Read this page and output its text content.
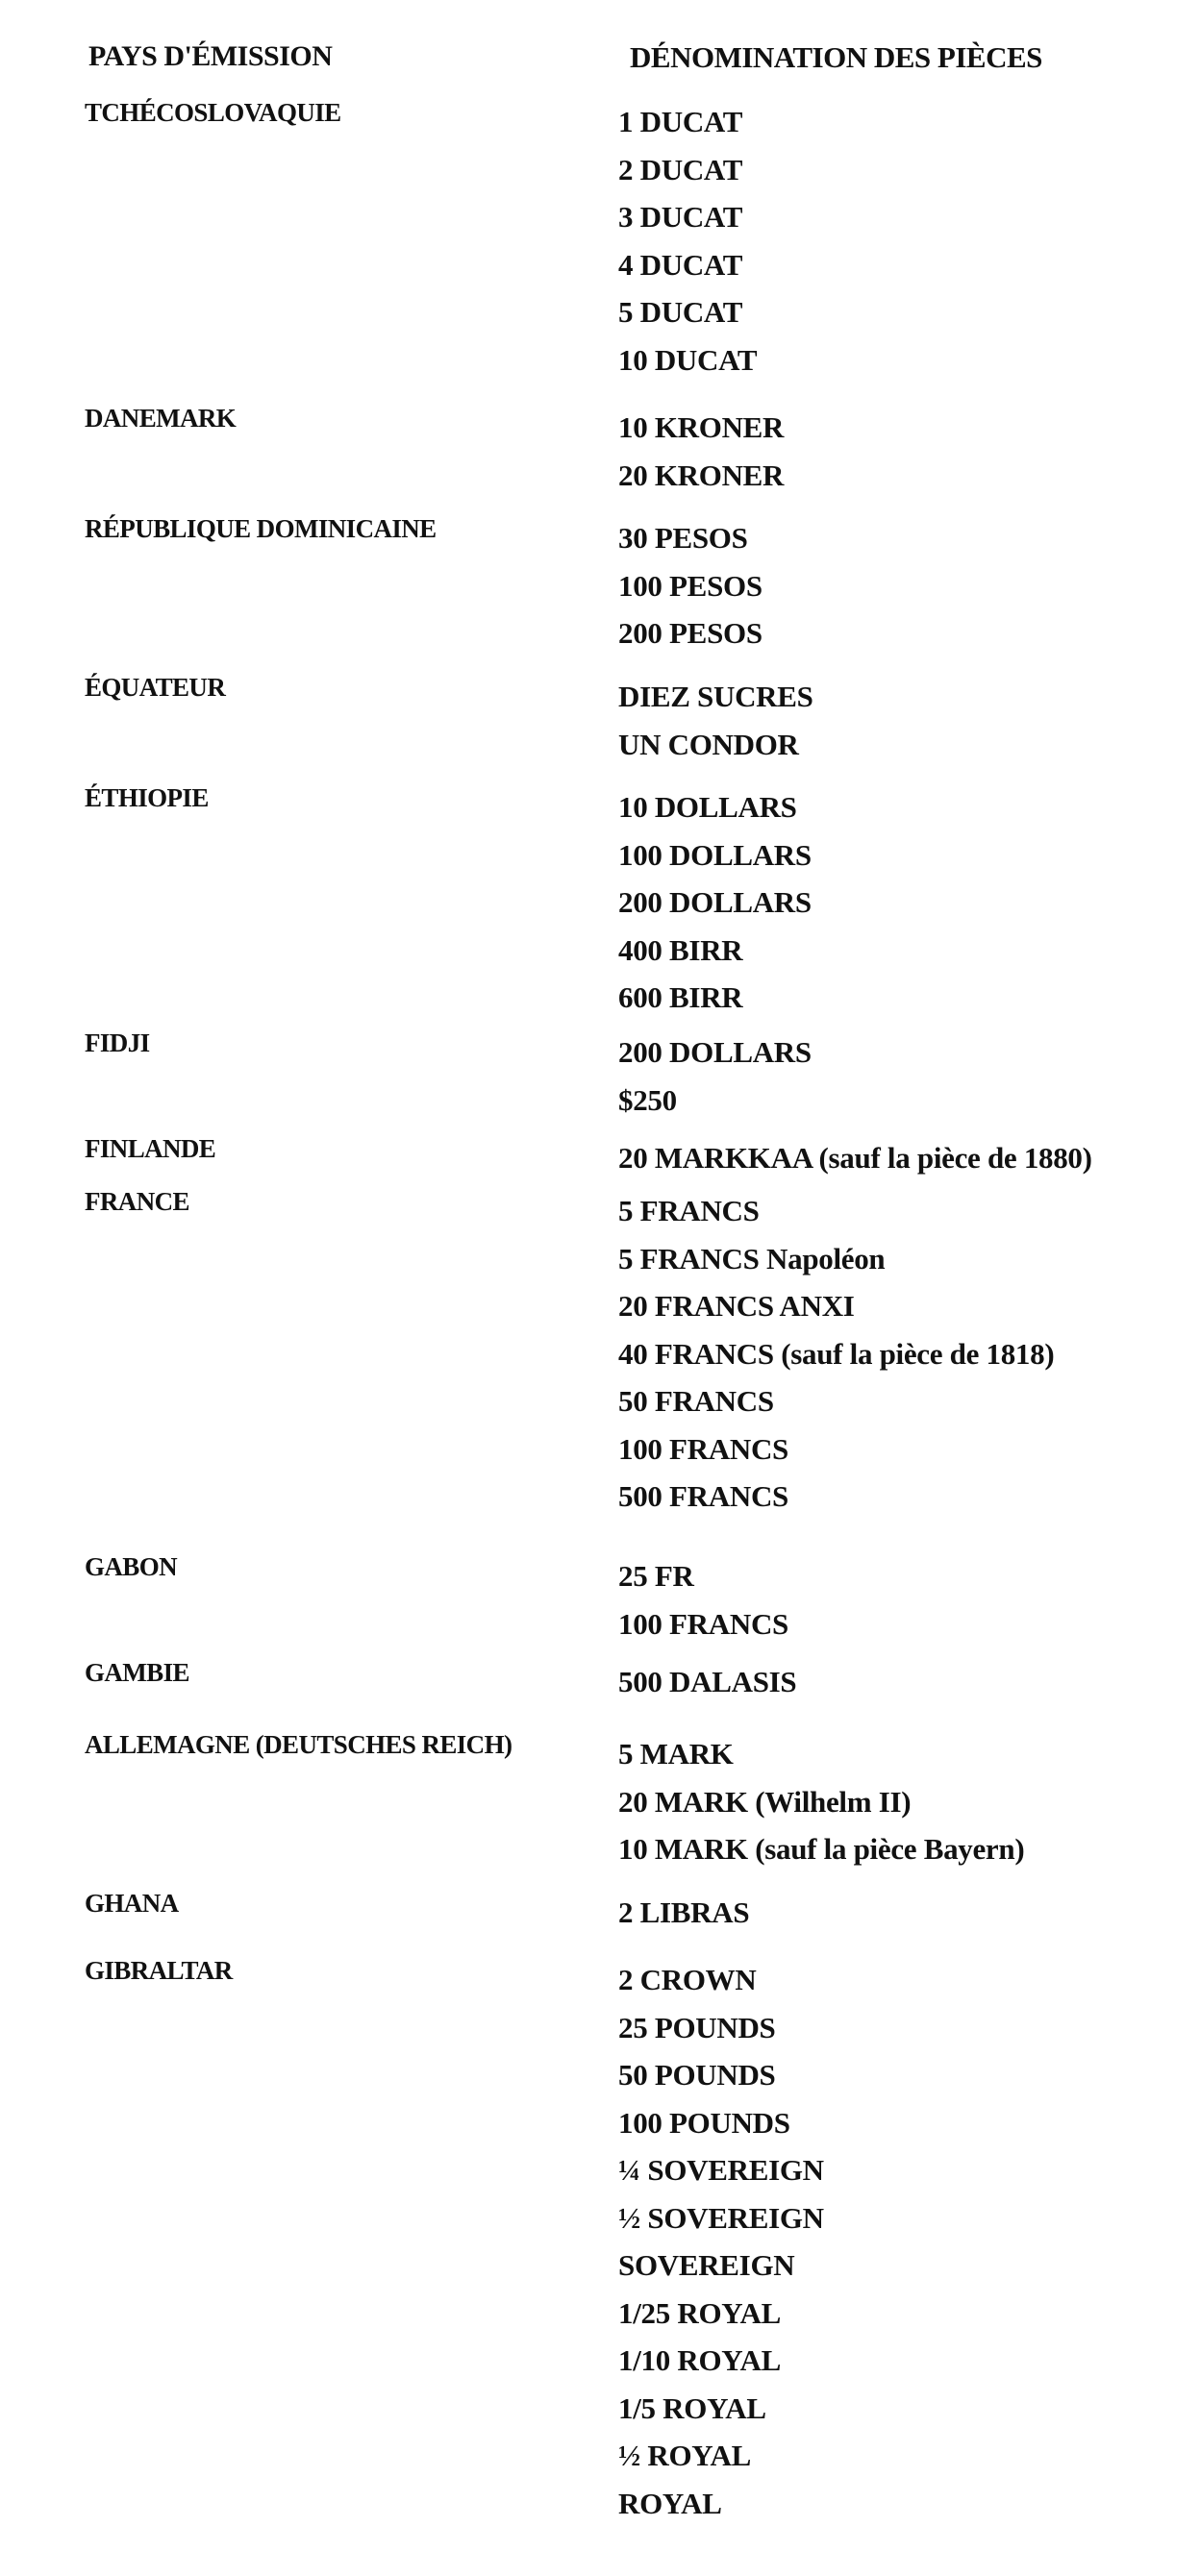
PAYS D'ÉMISSION	DÉNOMINATION DES PIÈCES
TCHÉCOSLOVAQUIE	1 DUCAT
2 DUCAT
3 DUCAT
4 DUCAT
5 DUCAT
10 DUCAT
DANEMARK	10 KRONER
20 KRONER
RÉPUBLIQUE DOMINICAINE	30 PESOS
100 PESOS
200 PESOS
ÉQUATEUR	DIEZ SUCRES
UN CONDOR
ÉTHIOPIE	10 DOLLARS
100 DOLLARS
200 DOLLARS
400 BIRR
600 BIRR
FIDJI	200 DOLLARS
$250
FINLANDE	20 MARKKAA (sauf la pièce de 1880)
FRANCE	5 FRANCS
5 FRANCS Napoléon
20 FRANCS ANXI
40 FRANCS (sauf la pièce de 1818)
50 FRANCS
100 FRANCS
500 FRANCS
GABON	25 FR
100 FRANCS
GAMBIE	500 DALASIS
ALLEMAGNE (DEUTSCHES REICH)	5 MARK
20 MARK (Wilhelm II)
10 MARK (sauf la pièce Bayern)
GHANA	2 LIBRAS
GIBRALTAR	2 CROWN
25 POUNDS
50 POUNDS
100 POUNDS
¼ SOVEREIGN
½ SOVEREIGN
SOVEREIGN
1/25 ROYAL
1/10 ROYAL
1/5 ROYAL
½ ROYAL
ROYAL
